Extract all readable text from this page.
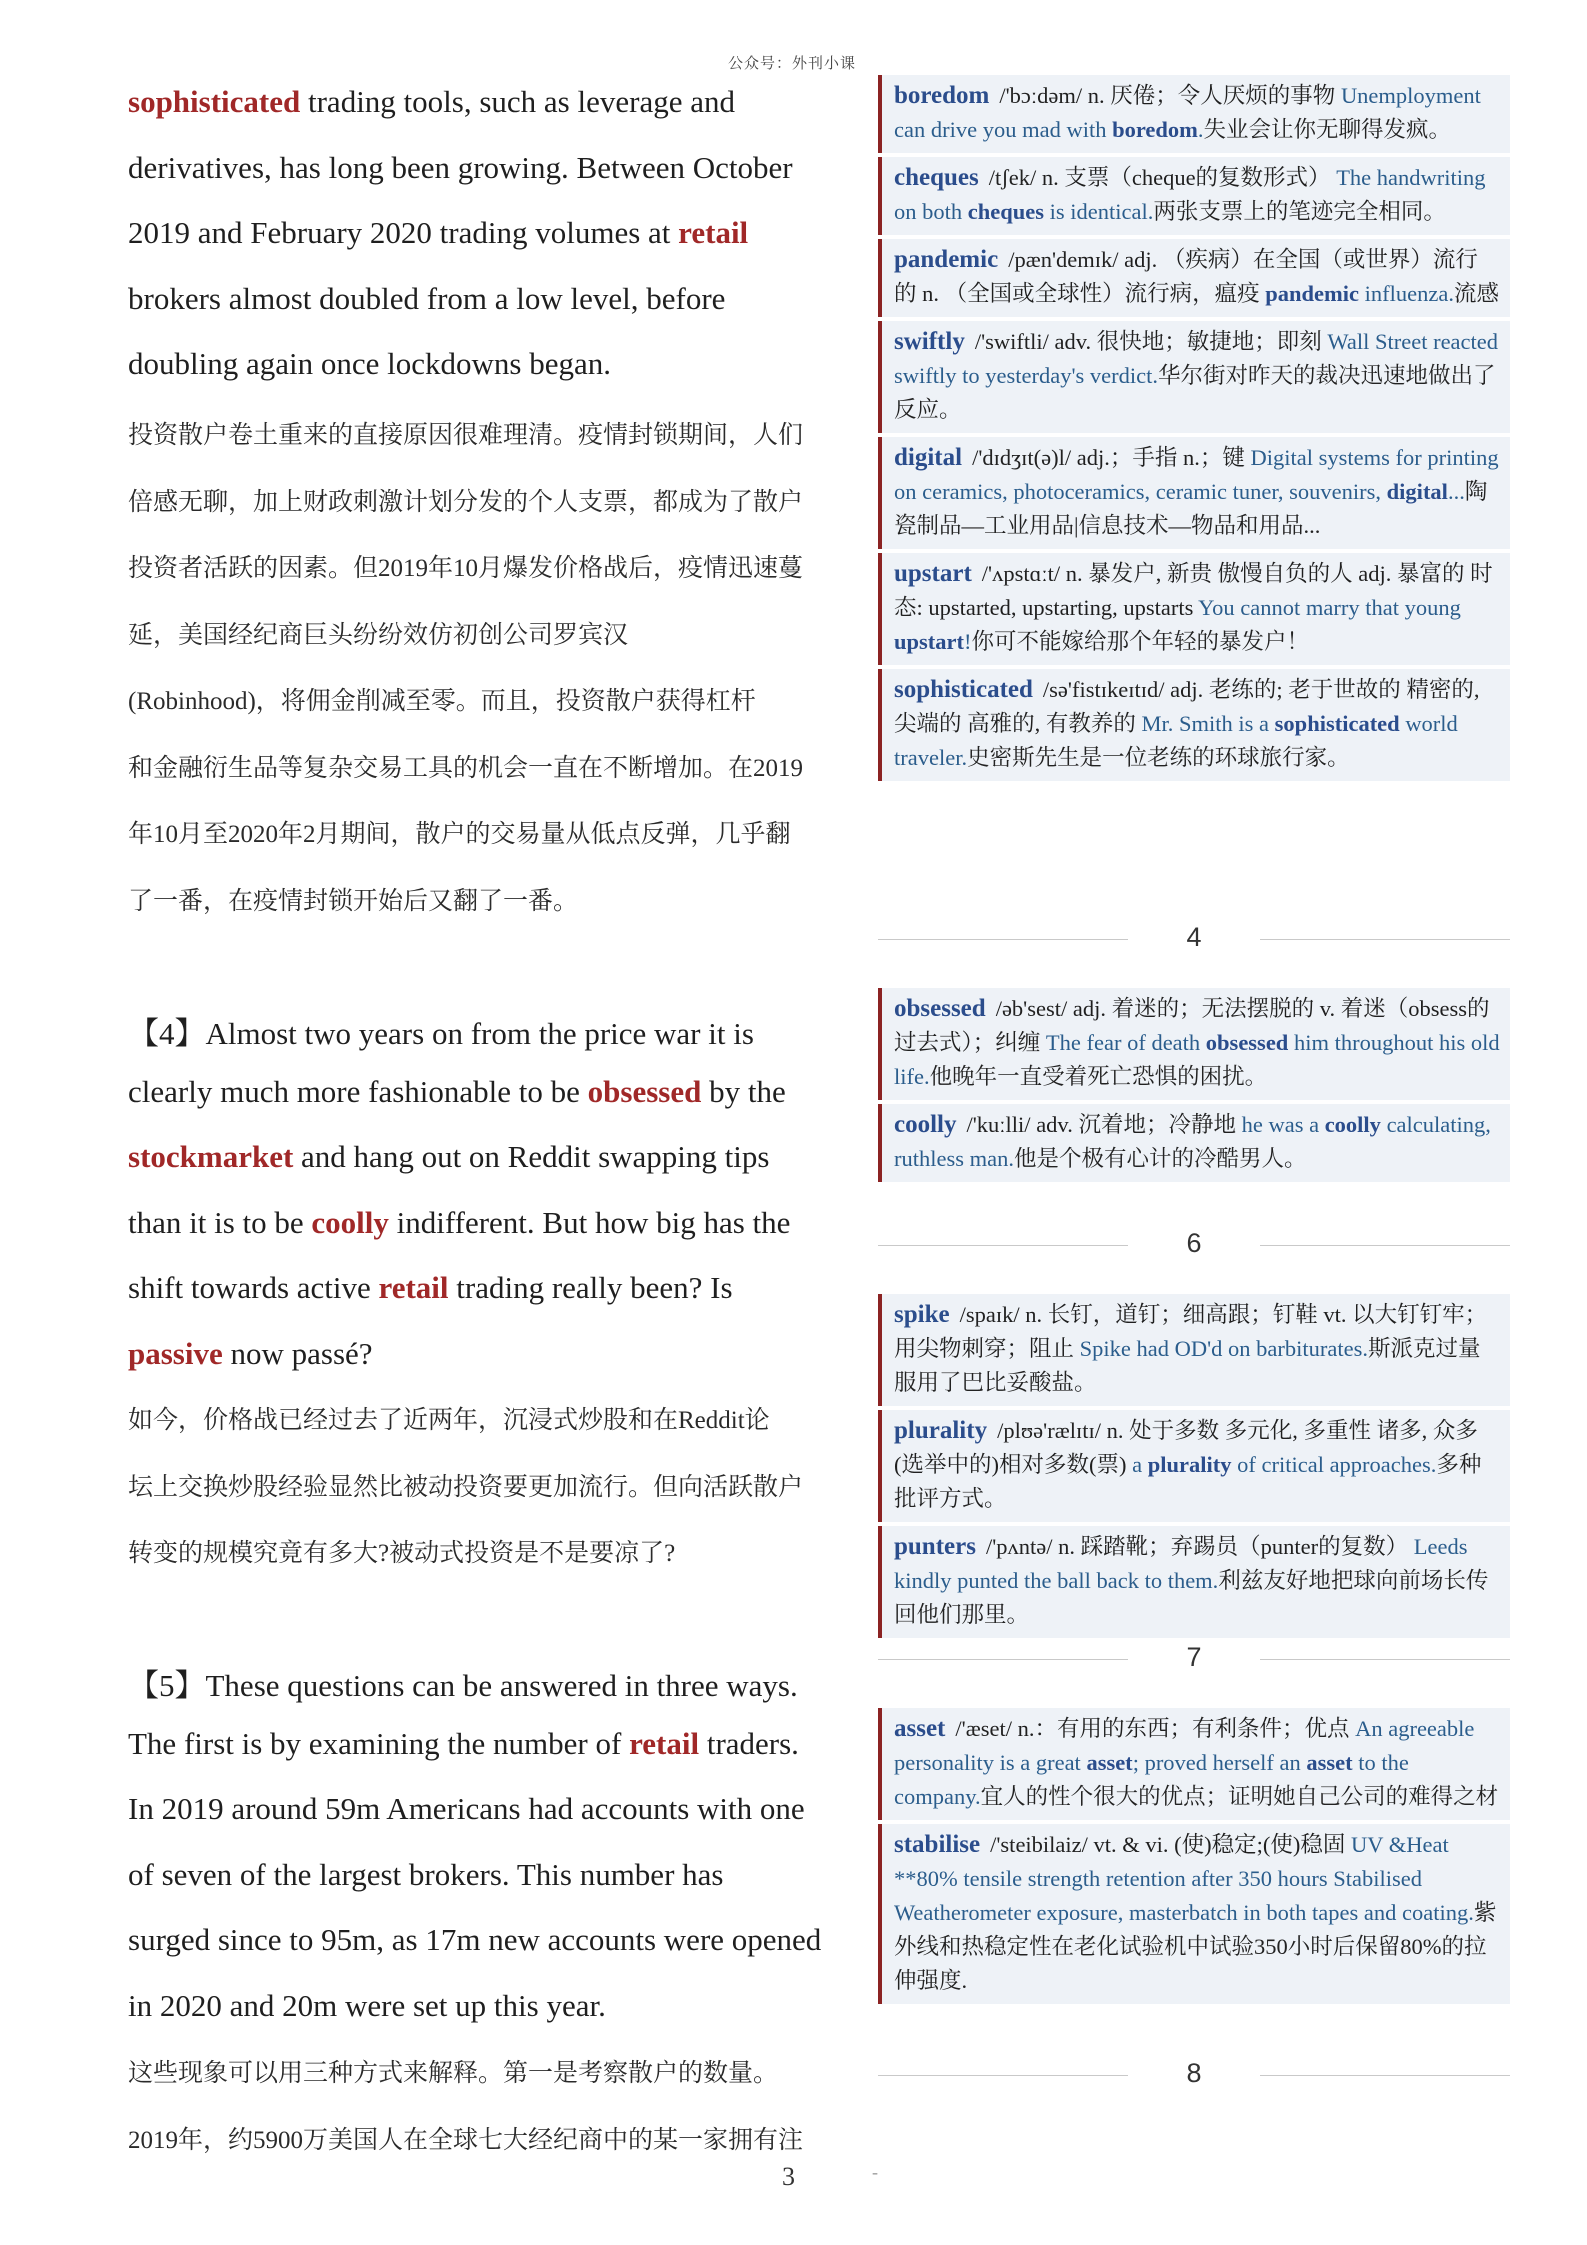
公众号：外刊小课
sophisticated trading tools, such as leverage and
derivatives, has long been growing. Between October
2019 and February 2020 trading volumes at retail
brokers almost doubled from a low level, before
doubling again once lockdowns began.
投资散户卷土重来的直接原因很难理清。疫情封锁期间，人们
倍感无聊，加上财政刺激计划分发的个人支票，都成为了散户
投资者活跃的因素。但2019年10月爆发价格战后，疫情迅速蔓
延，美国经纪商巨头纷纷效仿初创公司罗宾汉
(Robinhood)，将佣金削减至零。而且，投资散户获得杠杆
和金融衍生品等复杂交易工具的机会一直在不断增加。在2019
年10月至2020年2月期间，散户的交易量从低点反弹，几乎翻
了一番，在疫情封锁开始后又翻了一番。
【4】Almost two years on from the price war it is
clearly much more fashionable to be obsessed by the
stockmarket and hang out on Reddit swapping tips
than it is to be coolly indifferent. But how big has the
shift towards active retail trading really been? Is
passive now passé?
如今，价格战已经过去了近两年，沉浸式炒股和在Reddit论
坛上交换炒股经验显然比被动投资要更加流行。但向活跃散户
转变的规模究竟有多大?被动式投资是不是要凉了?
【5】These questions can be answered in three ways.
The first is by examining the number of retail traders.
In 2019 around 59m Americans had accounts with one
of seven of the largest brokers. This number has
surged since to 95m, as 17m new accounts were opened
in 2020 and 20m were set up this year.
这些现象可以用三种方式来解释。第一是考察散户的数量。
2019年，约5900万美国人在全球七大经纪商中的某一家拥有注
boredom /'bɔːdəm/ n. 厌倦；令人厌烦的事物 Unemployment can drive you mad with boredom.失业会让你无聊得发疯。
cheques /tʃek/ n. 支票（cheque的复数形式） The handwriting on both cheques is identical.两张支票上的笔迹完全相同。
pandemic /pæn'demɪk/ adj. （疾病）在全国（或世界）流行的 n. （全国或全球性）流行病，瘟疫 pandemic influenza.流感
swiftly /'swiftli/ adv. 很快地；敏捷地；即刻 Wall Street reacted swiftly to yesterday's verdict.华尔街对昨天的裁决迅速地做出了反应。
digital /'dɪdʒɪt(ə)l/ adj.；手指 n.；键 Digital systems for printing on ceramics, photoceramics, ceramic tuner, souvenirs, digital...陶瓷制品—工业用品|信息技术—物品和用品...
upstart /'ʌpstɑːt/ n. 暴发户, 新贵 傲慢自负的人 adj. 暴富的 时 态: upstarted, upstarting, upstarts You cannot marry that young upstart!你可不能嫁给那个年轻的暴发户！
sophisticated /sə'fistɪkeɪtɪd/ adj. 老练的; 老于世故的 精密的, 尖端的 高雅的, 有教养的 Mr. Smith is a sophisticated world traveler.史密斯先生是一位老练的环球旅行家。
4
obsessed /əb'sest/ adj. 着迷的；无法摆脱的 v. 着迷（obsess的过去式）；纠缠 The fear of death obsessed him throughout his old life.他晚年一直受着死亡恐惧的困扰。
coolly /'kuːlli/ adv. 沉着地；冷静地 he was a coolly calculating, ruthless man.他是个极有心计的冷酷男人。
6
spike /spaɪk/ n. 长钉，道钉；细高跟；钉鞋 vt. 以大钉钉牢；用尖物刺穿；阻止 Spike had OD'd on barbiturates.斯派克过量服用了巴比妥酸盐。
plurality /plʊə'rælɪtɪ/ n. 处于多数 多元化, 多重性 诸多, 众多 (选举中的)相对多数(票) a plurality of critical approaches.多种批评方式。
punters /'pʌntə/ n. 踩踏靴；弃踢员（punter的复数） Leeds kindly punted the ball back to them.利兹友好地把球向前场长传回他们那里。
7
asset /'æset/ n.：有用的东西；有利条件；优点 An agreeable personality is a great asset; proved herself an asset to the company.宜人的性个很大的优点；证明她自己公司的难得之材
stabilise /'steibilaiz/ vt. & vi. (使)稳定;(使)稳固 UV &Heat **80% tensile strength retention after 350 hours Stabilised Weatherometer exposure, masterbatch in both tapes and coating.紫外线和热稳定性在老化试验机中试验350小时后保留80%的拉伸强度.
8
3	-
